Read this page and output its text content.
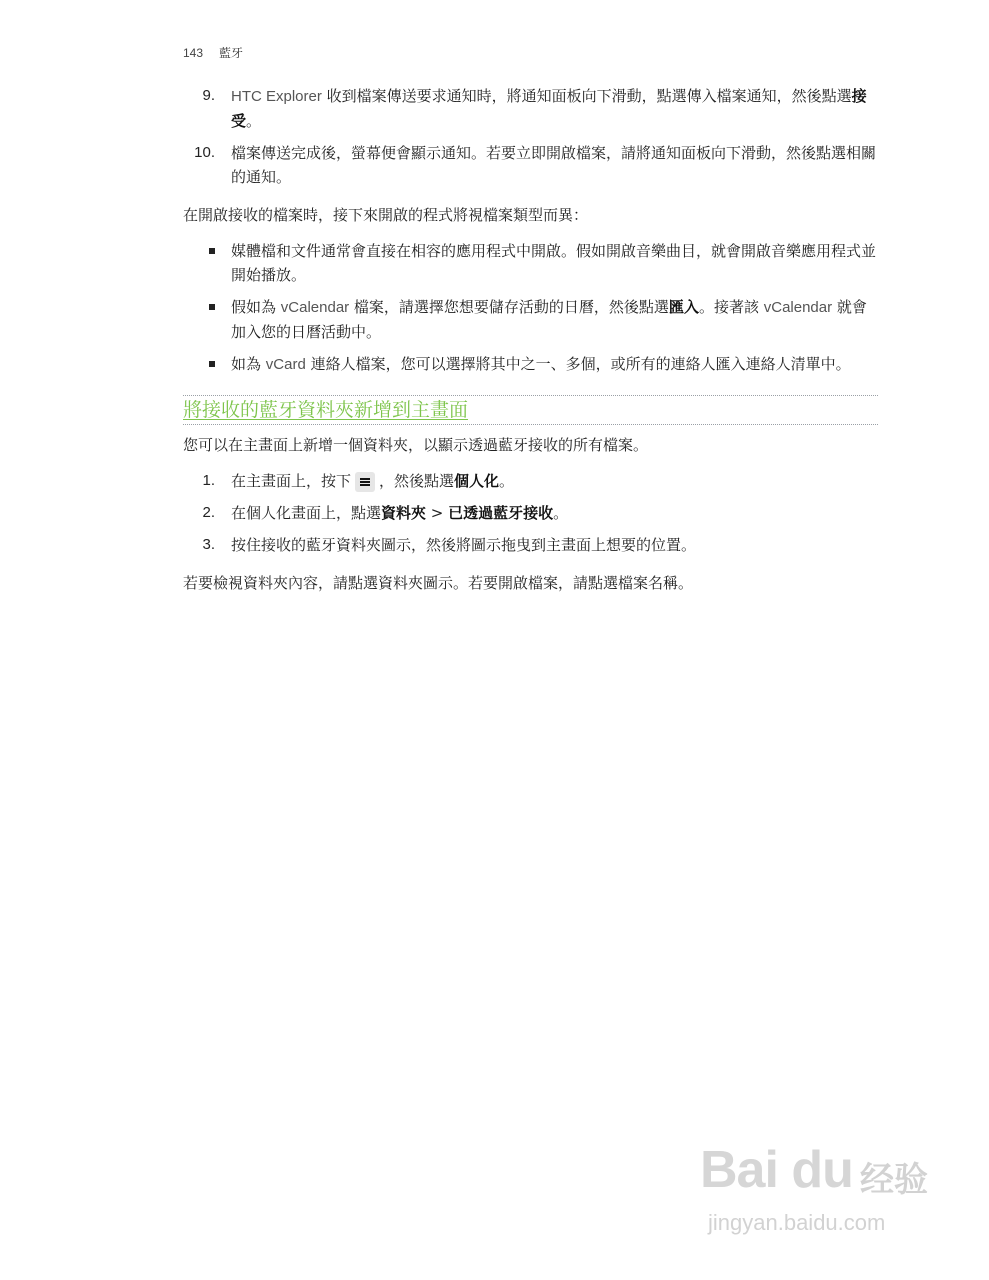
143 藍牙
9. HTC Explorer 收到檔案傳送要求通知時，將通知面板向下滑動，點選傳入檔案通知，然後點選接受。
10. 檔案傳送完成後，螢幕便會顯示通知。若要立即開啟檔案，請將通知面板向下滑動，然後點選相關的通知。
在開啟接收的檔案時，接下來開啟的程式將視檔案類型而異：
媒體檔和文件通常會直接在相容的應用程式中開啟。假如開啟音樂曲目，就會開啟音樂應用程式並開始播放。
假如為 vCalendar 檔案，請選擇您想要儲存活動的日曆，然後點選匯入。接著該 vCalendar 就會加入您的日曆活動中。
如為 vCard 連絡人檔案，您可以選擇將其中之一、多個，或所有的連絡人匯入連絡人清單中。
將接收的藍牙資料夾新增到主畫面
您可以在主畫面上新增一個資料夾，以顯示透過藍牙接收的所有檔案。
1. 在主畫面上，按下 ，然後點選個人化。
2. 在個人化畫面上，點選資料夾 > 已透過藍牙接收。
3. 按住接收的藍牙資料夾圖示，然後將圖示拖曳到主畫面上想要的位置。
若要檢視資料夾內容，請點選資料夾圖示。若要開啟檔案，請點選檔案名稱。
Bai du 经验
jingyan.baidu.com
